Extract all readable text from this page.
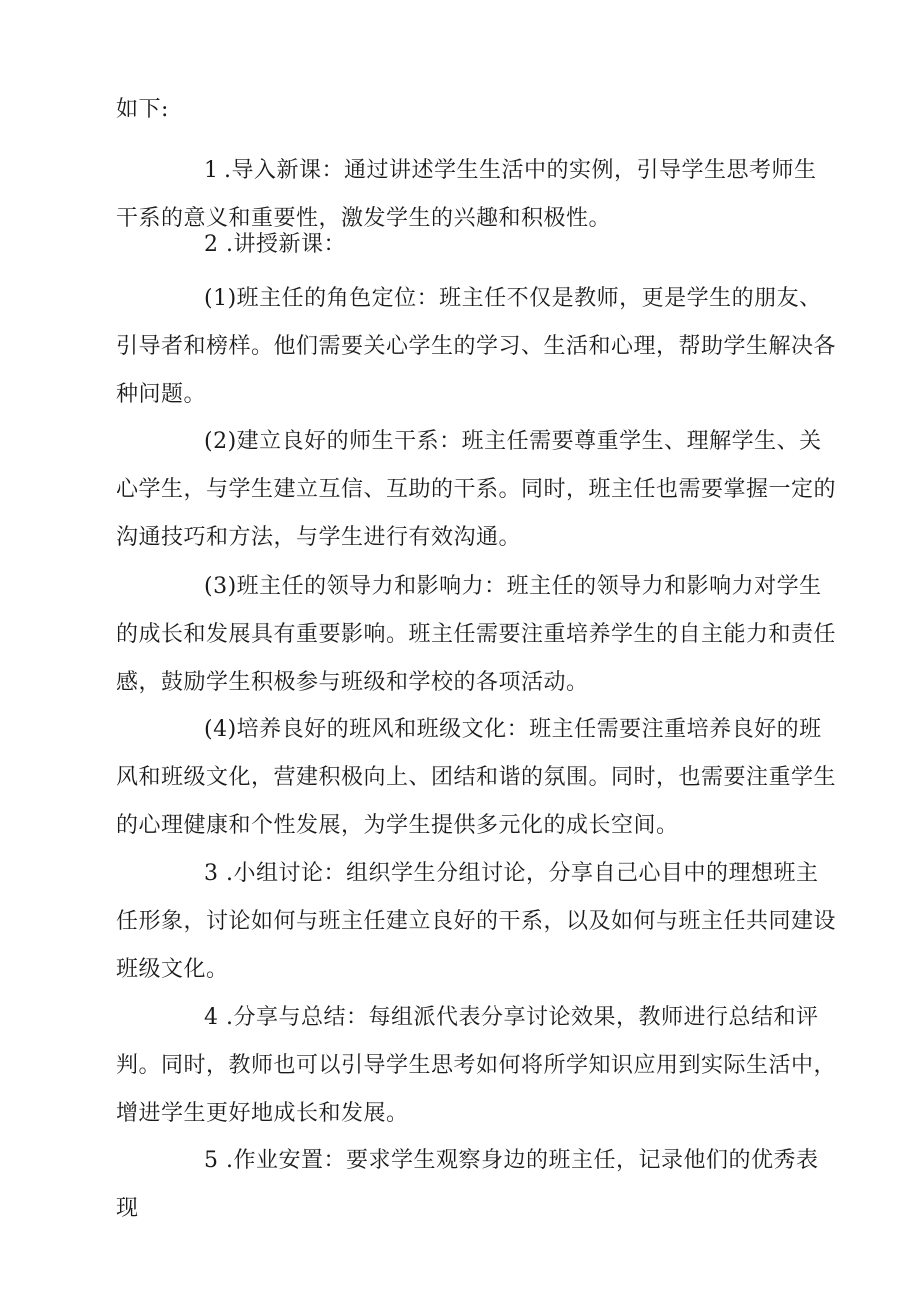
如下:

1 .导入新课：通过讲述学生生活中的实例，引导学生思考师生干系的意义和重要性，激发学生的兴趣和积极性。

2 .讲授新课：

(1)班主任的角色定位：班主任不仅是教师，更是学生的朋友、引导者和榜样。他们需要关心学生的学习、生活和心理，帮助学生解决各种问题。

(2)建立良好的师生干系：班主任需要尊重学生、理解学生、关心学生，与学生建立互信、互助的干系。同时，班主任也需要掌握一定的沟通技巧和方法，与学生进行有效沟通。

(3)班主任的领导力和影响力：班主任的领导力和影响力对学生的成长和发展具有重要影响。班主任需要注重培养学生的自主能力和责任感，鼓励学生积极参与班级和学校的各项活动。

(4)培养良好的班风和班级文化：班主任需要注重培养良好的班风和班级文化，营建积极向上、团结和谐的氛围。同时，也需要注重学生的心理健康和个性发展，为学生提供多元化的成长空间。

3 .小组讨论：组织学生分组讨论，分享自己心目中的理想班主任形象，讨论如何与班主任建立良好的干系，以及如何与班主任共同建设班级文化。

4 .分享与总结：每组派代表分享讨论效果，教师进行总结和评判。同时，教师也可以引导学生思考如何将所学知识应用到实际生活中，增进学生更好地成长和发展。

5 .作业安置：要求学生观察身边的班主任，记录他们的优秀表现
